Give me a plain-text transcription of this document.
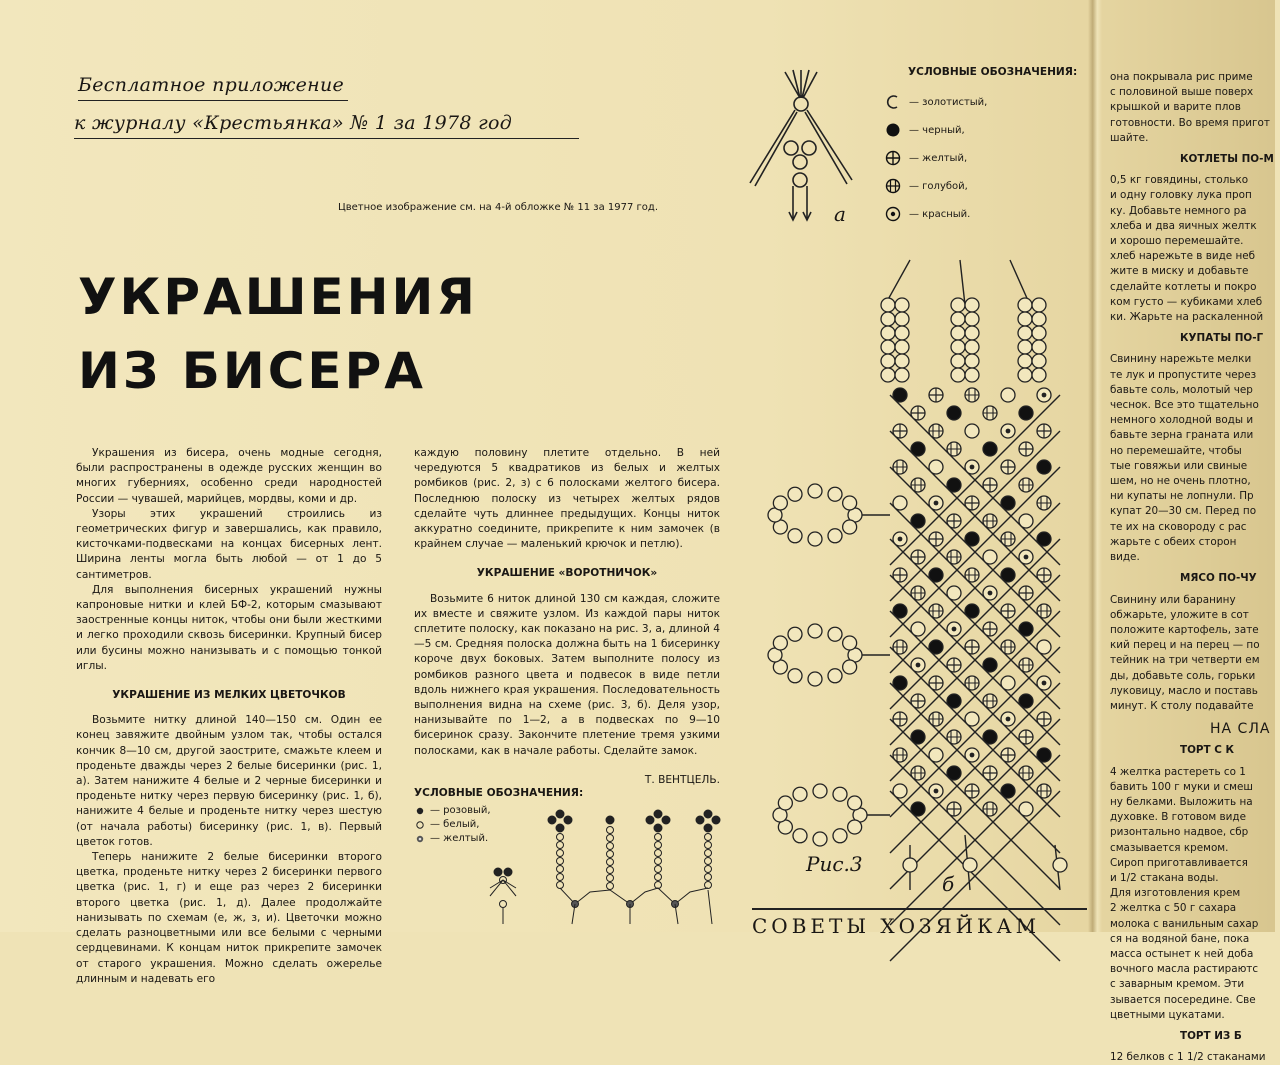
Бесплатное приложение
к журналу «Крестьянка» № 1 за 1978 год
Цветное изображение см. на 4-й обложке № 11 за 1977 год.
УКРАШЕНИЯ
ИЗ БИСЕРА

Украшения из бисера, очень модные сегодня, были распространены в одежде русских женщин во многих губерниях, особенно среди народностей России — чувашей, марийцев, мордвы, коми и др.

Узоры этих украшений строились из геометрических фигур и завершались, как правило, кисточками-подвесками на концах бисерных лент. Ширина ленты могла быть любой — от 1 до 5 сантиметров.

Для выполнения бисерных украшений нужны капроновые нитки и клей БФ-2, которым смазывают заостренные концы ниток, чтобы они были жесткими и легко проходили сквозь бисеринки. Крупный бисер или бусины можно нанизывать и с помощью тонкой иглы.

УКРАШЕНИЕ ИЗ МЕЛКИХ ЦВЕТОЧКОВ

Возьмите нитку длиной 140—150 см. Один ее конец завяжите двойным узлом так, чтобы остался кончик 8—10 см, другой заострите, смажьте клеем и проденьте дважды через 2 белые бисеринки (рис. 1, а). Затем нанижите 4 белые и 2 черные бисеринки и проденьте нитку через первую бисеринку (рис. 1, б), нанижите 4 белые и проденьте нитку через шестую (от начала работы) бисеринку (рис. 1, в). Первый цветок готов.

Теперь нанижите 2 белые бисеринки второго цветка, проденьте нитку через 2 бисеринки первого цветка (рис. 1, г) и еще раз через 2 бисеринки второго цветка (рис. 1, д). Далее продолжайте нанизывать по схемам (е, ж, з, и). Цветочки можно сделать разноцветными или все белыми с черными сердцевинами. К концам ниток прикрепите замочек от старого украшения. Можно сделать ожерелье длинным и надевать его

каждую половину плетите отдельно. В ней чередуются 5 квадратиков из белых и желтых ромбиков (рис. 2, з) с 6 полосками желтого бисера. Последнюю полоску из четырех желтых рядов сделайте чуть длиннее предыдущих. Концы ниток аккуратно соедините, прикрепите к ним замочек (в крайнем случае — маленький крючок и петлю).

УКРАШЕНИЕ «ВОРОТНИЧОК»

Возьмите 6 ниток длиной 130 см каждая, сложите их вместе и свяжите узлом. Из каждой пары ниток сплетите полоску, как показано на рис. 3, а, длиной 4—5 см. Средняя полоска должна быть на 1 бисеринку короче двух боковых. Затем выполните полосу из ромбиков разного цвета и подвесок в виде петли вдоль нижнего края украшения. Последовательность выполнения видна на схеме (рис. 3, б). Деля узор, нанизывайте по 1—2, а в подвесках по 9—10 бисеринок сразу. Закончите плетение тремя узкими полосками, как в начале работы. Сделайте замок.

Т. ВЕНТЦЕЛЬ.
УСЛОВНЫЕ ОБОЗНАЧЕНИЯ:
— розовый,
— белый,
— желтый.
УСЛОВНЫЕ ОБОЗНАЧЕНИЯ:
— золотистый,
— черный,
— желтый,
— голубой,
— красный.
а
Рис.3
б
она покрывала рис приме
с половиной выше поверх
крышкой и варите плов
готовности. Во время пригот
шайте.
КОТЛЕТЫ ПО-М
0,5 кг говядины, столько
и одну головку лука проп
ку. Добавьте немного ра
хлеба и два яичных желтк
и хорошо перемешайте.
хлеб нарежьте в виде неб
жите в миску и добавьте
сделайте котлеты и покро
ком густо — кубиками хлеб
ки. Жарьте на раскаленной
КУПАТЫ ПО-Г
Свинину нарежьте мелки
те лук и пропустите через
бавьте соль, молотый чер
чеснок. Все это тщательно
немного холодной воды и
бавьте зерна граната или
но перемешайте, чтобы
тые говяжьи или свиные
шем, но не очень плотно,
ни купаты не лопнули. Пр
купат 20—30 см. Перед по
те их на сковороду с рас
жарьте с обеих сторон
виде.
МЯСО ПО-ЧУ
Свинину или баранину
обжарьте, уложите в сот
положите картофель, зате
кий перец и на перец — по
тейник на три четверти ем
ды, добавьте соль, горьки
луковицу, масло и поставь
минут. К столу подавайте
НА СЛА
ТОРТ С К
4 желтка растереть со 1
бавить 100 г муки и смеш
ну белками. Выложить на
духовке. В готовом виде
ризонтально надвое, сбр
смазывается кремом.
Сироп приготавливается
и 1/2 стакана воды.
Для изготовления крем
2 желтка с 50 г сахара
молока с ванильным сахар
ся на водяной бане, пока
масса остынет к ней доба
вочного масла растираютс
с заварным кремом. Эти
зывается посередине. Све
цветными цукатами.
ТОРТ ИЗ Б
12 белков с 1 1/2 стаканами
СОВЕТЫ ХОЗЯЙКАМ
